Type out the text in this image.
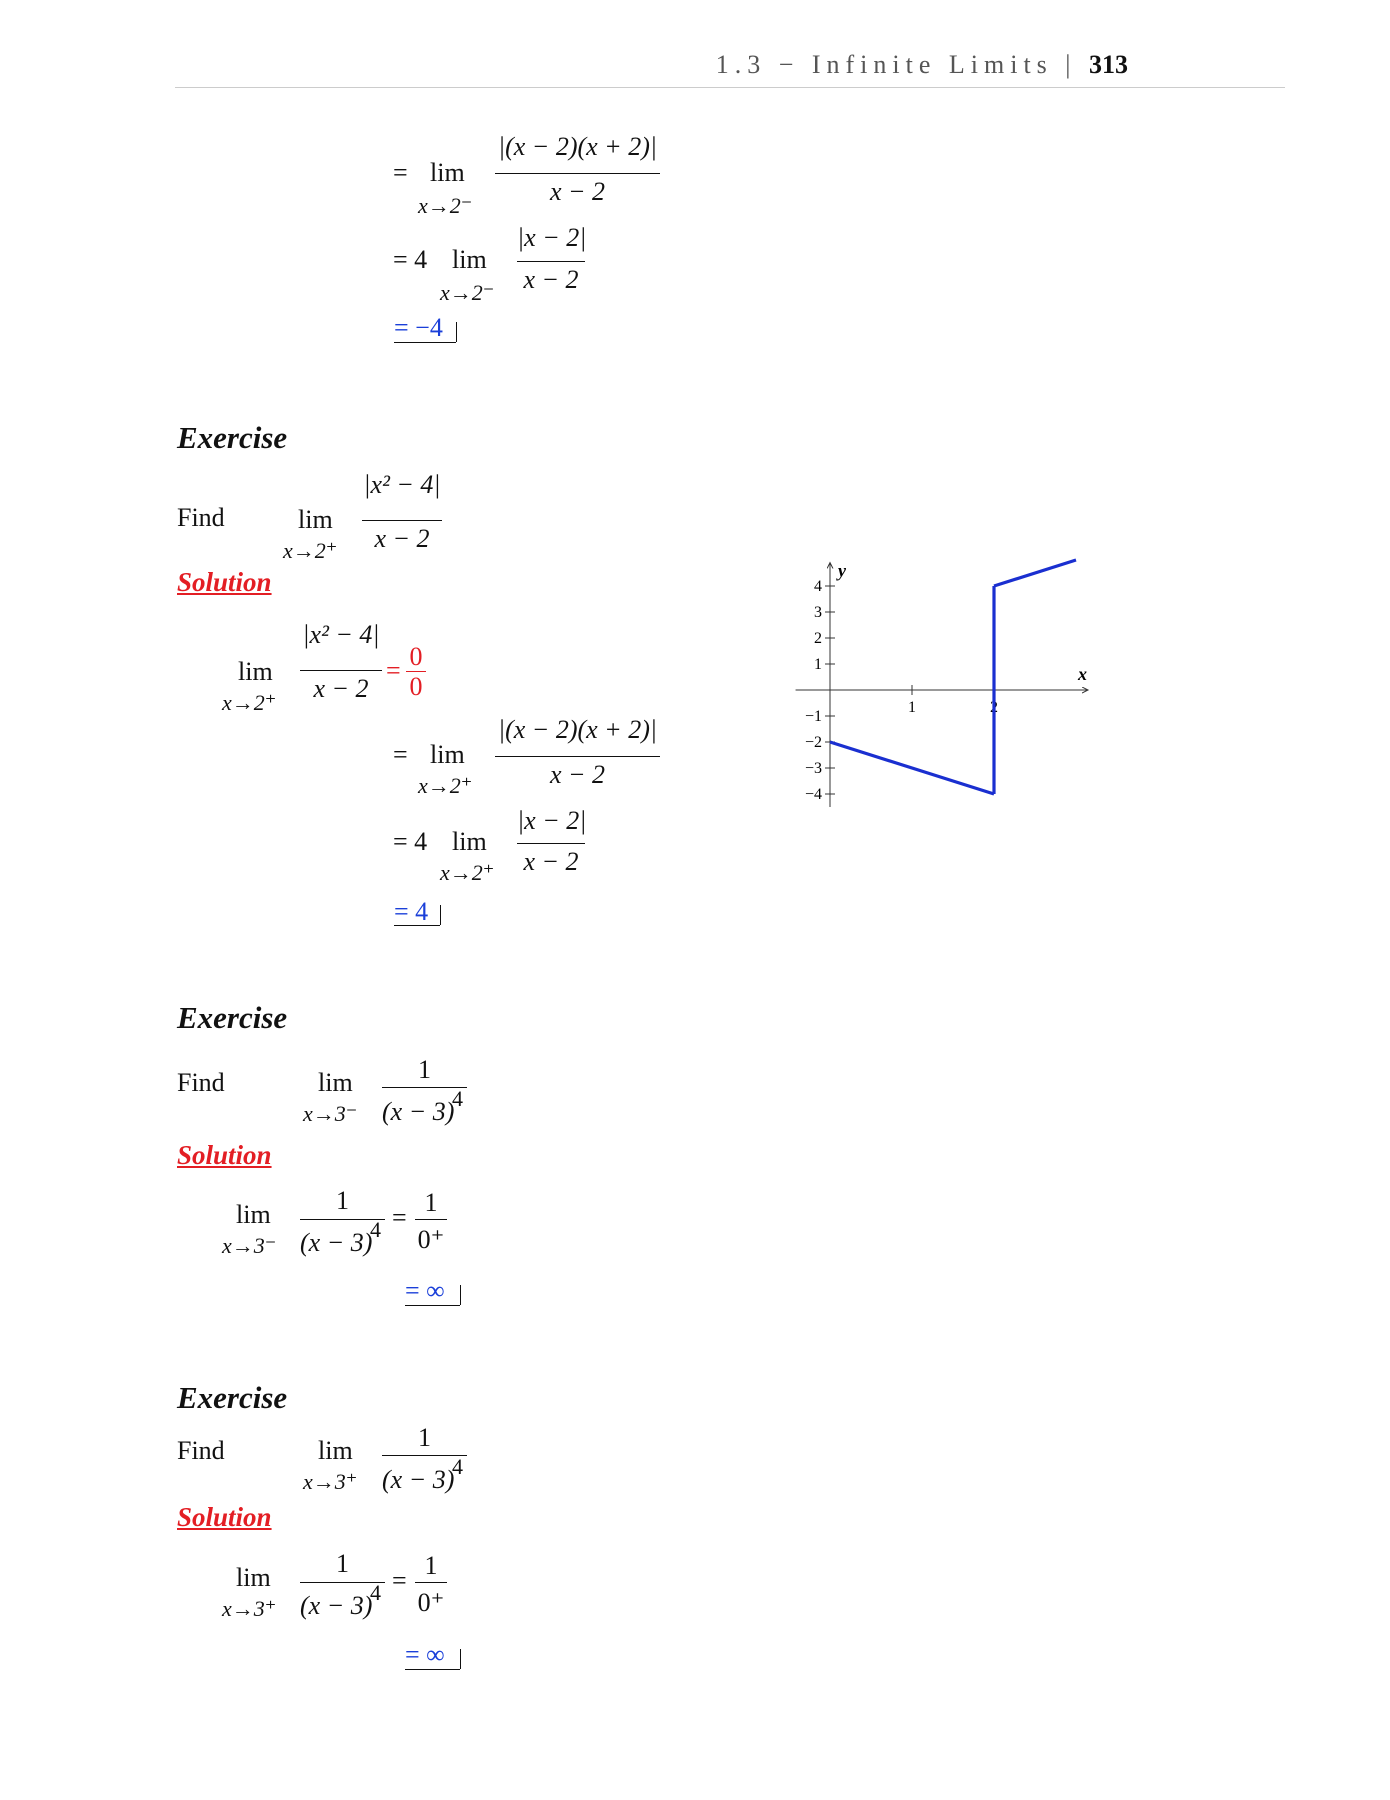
1.3 − Infinite Limits | 313
= lim
x→2⁻
|(x − 2)(x + 2)|
x − 2
= 4 lim
x→2⁻
|x − 2|
x − 2
= −4
Exercise
Find	lim
x→2⁺
|x² − 4|
x − 2
Solution
lim
x→2⁺
|x² − 4|
x − 2
= 0
0
= lim
x→2⁺
|(x − 2)(x + 2)|
x − 2
= 4 lim
x→2⁺
|x − 2|
x − 2
= 4
1	2
4
3
2
1
−1
−2
−3
−4
x
y
Exercise
Find	lim
x→3⁻
1
(x − 3)
4
Solution
lim
x→3⁻
1
(x − 3)
4 =
1
0⁺
= ∞
Exercise
Find	lim
x→3⁺
1
(x − 3)
4
Solution
lim
x→3⁺
1
(x − 3)
4 =
1
0⁺
= ∞
